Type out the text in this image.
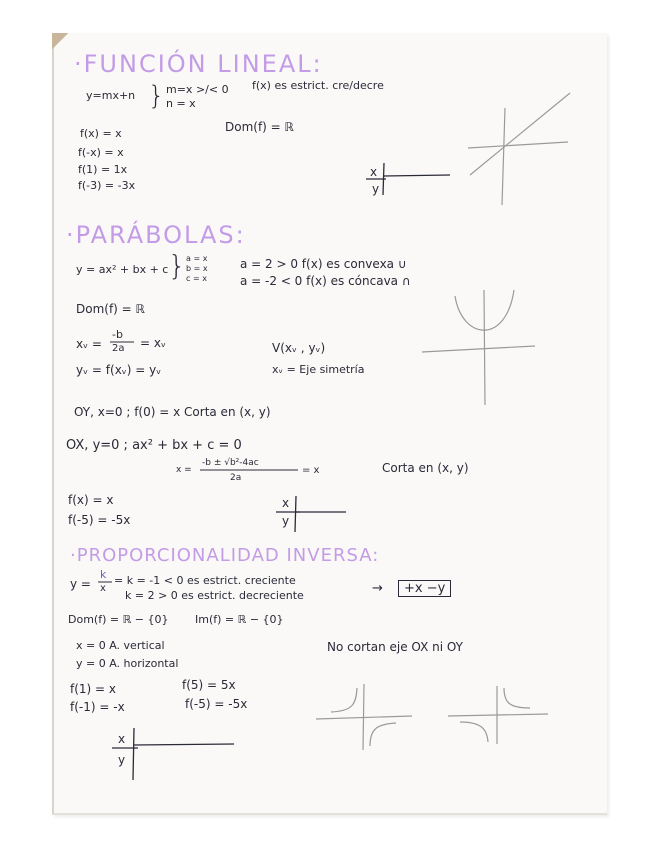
·FUNCIÓN LINEAL:
y=mx+n } m=x >/< 0 f(x) es estrict. cre/decre
n = x
Dom(f) = ℝ
f(x) = x
f(-x) = x
f(1) = 1x
f(-3) = -3x
x
y
·PARÁBOLAS:
y = ax² + bx + c } a = x
b = x
c = x
a = 2 > 0 f(x) es convexa ∪
a = -2 < 0 f(x) es cóncava ∩
Dom(f) = ℝ
xᵥ =
-b
2a = xᵥ
yᵥ = f(xᵥ) = yᵥ
V(xᵥ , yᵥ)
xᵥ = Eje simetría
OY, x=0 ; f(0) = x Corta en (x, y)
OX, y=0 ; ax² + bx + c = 0
x =
-b ± √b²-4ac
2a
= x	Corta en (x, y)
f(x) = x
f(-5) = -5x
x
y
·PROPORCIONALIDAD INVERSA:
y =
k
x
= k = -1 < 0 es estrict. creciente
k = 2 > 0 es estrict. decreciente	→	+x −y
Dom(f) = ℝ − {0} Im(f) = ℝ − {0}
x = 0 A. vertical
y = 0 A. horizontal
No cortan eje OX ni OY
f(1) = x
f(-1) = -x
f(5) = 5x
f(-5) = -5x
x
y
